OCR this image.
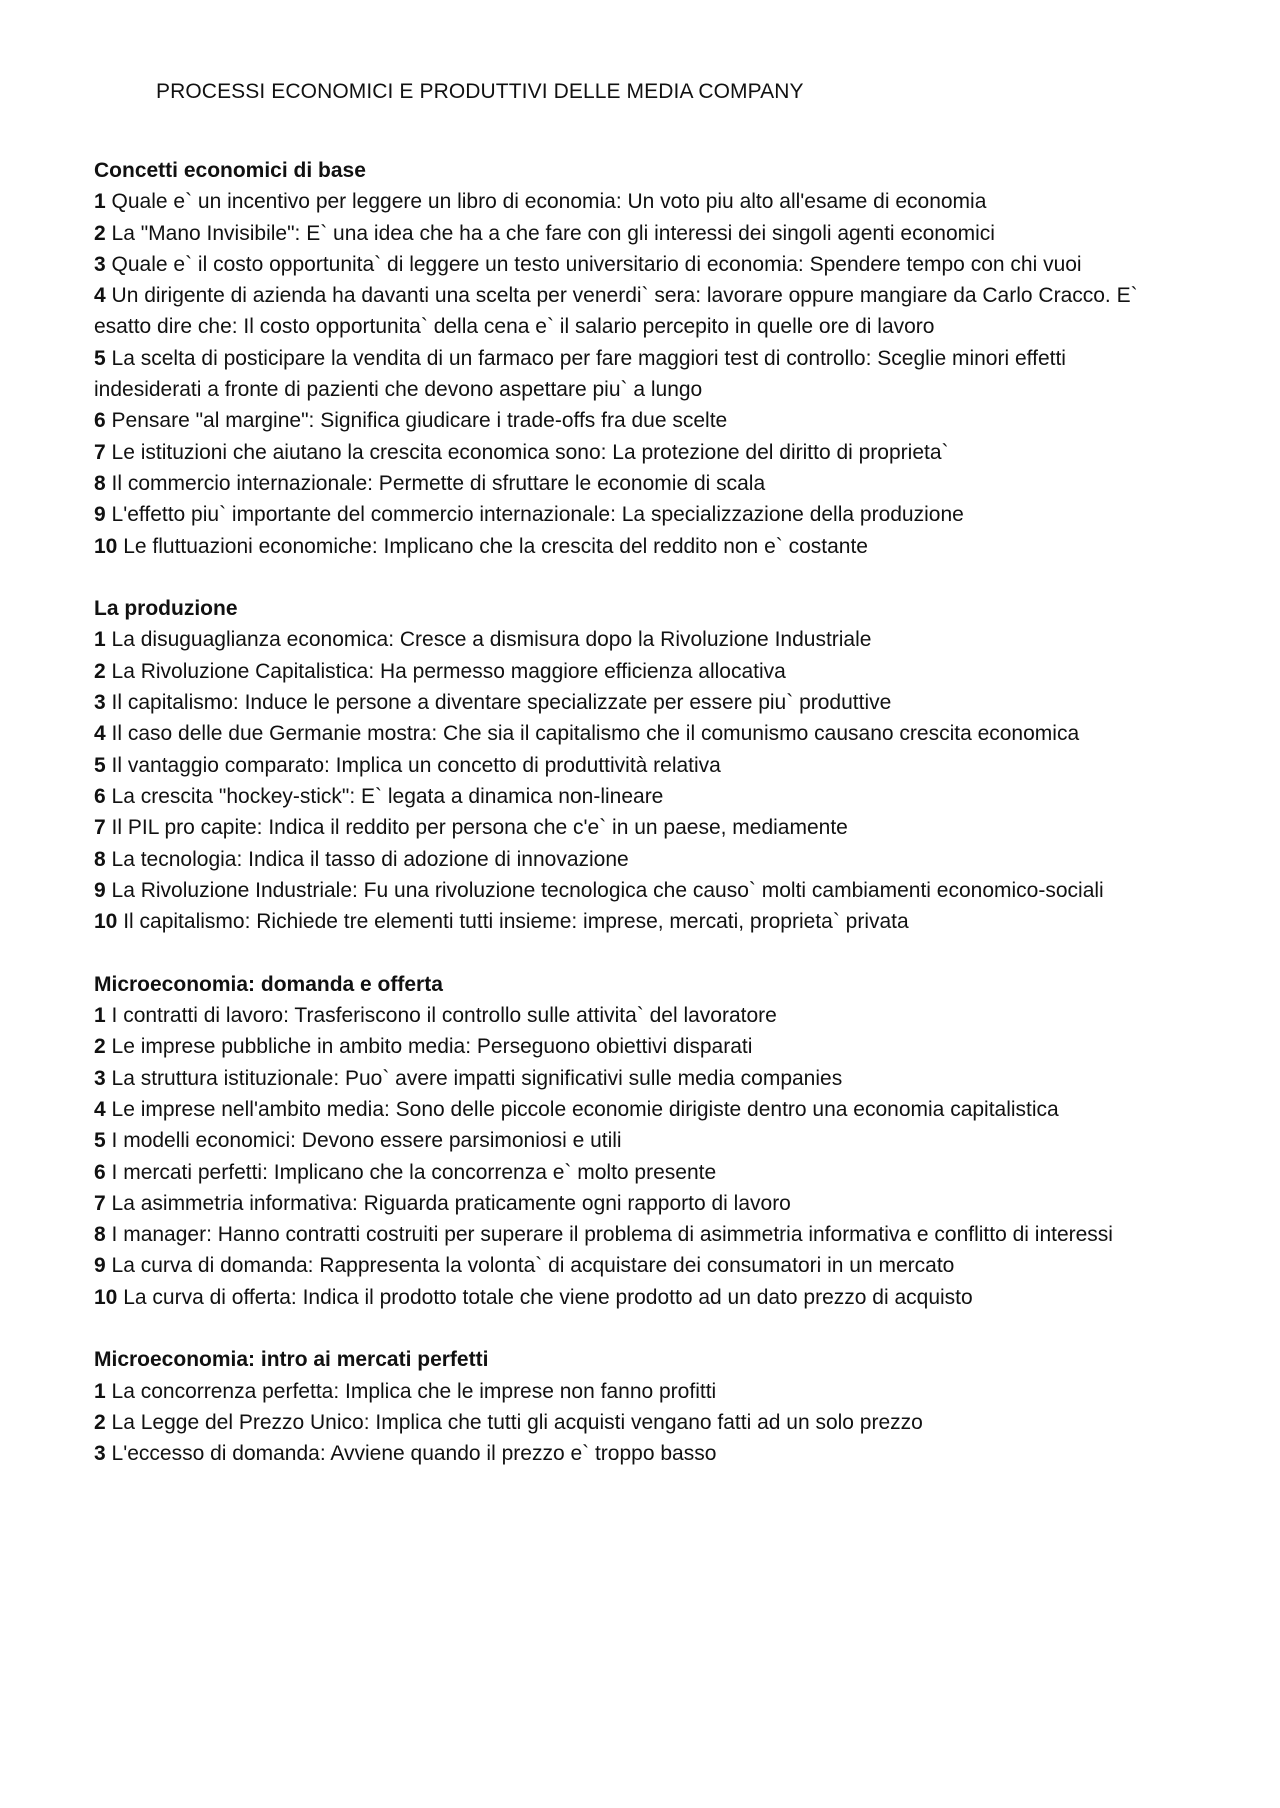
PROCESSI ECONOMICI E PRODUTTIVI DELLE MEDIA COMPANY
Concetti economici di base
1 Quale e` un incentivo per leggere un libro di economia: Un voto piu alto all'esame di economia
2 La "Mano Invisibile": E` una idea che ha a che fare con gli interessi dei singoli agenti economici
3 Quale e` il costo opportunita` di leggere un testo universitario di economia: Spendere tempo con chi vuoi
4 Un dirigente di azienda ha davanti una scelta per venerdi` sera: lavorare oppure mangiare da Carlo Cracco. E` esatto dire che: Il costo opportunita` della cena e` il salario percepito in quelle ore di lavoro
5 La scelta di posticipare la vendita di un farmaco per fare maggiori test di controllo: Sceglie minori effetti indesiderati a fronte di pazienti che devono aspettare piu` a lungo
6 Pensare "al margine": Significa giudicare i trade-offs fra due scelte
7 Le istituzioni che aiutano la crescita economica sono: La protezione del diritto di proprieta`
8 Il commercio internazionale: Permette di sfruttare le economie di scala
9 L'effetto piu` importante del commercio internazionale: La specializzazione della produzione
10 Le fluttuazioni economiche: Implicano che la crescita del reddito non e` costante
La produzione
1 La disuguaglianza economica: Cresce a dismisura dopo la Rivoluzione Industriale
2 La Rivoluzione Capitalistica: Ha permesso maggiore efficienza allocativa
3 Il capitalismo: Induce le persone a diventare specializzate per essere piu` produttive
4 Il caso delle due Germanie mostra: Che sia il capitalismo che il comunismo causano crescita economica
5 Il vantaggio comparato: Implica un concetto di produttività relativa
6 La crescita "hockey-stick": E` legata a dinamica non-lineare
7 Il PIL pro capite: Indica il reddito per persona che c'e` in un paese, mediamente
8 La tecnologia: Indica il tasso di adozione di innovazione
9 La Rivoluzione Industriale: Fu una rivoluzione tecnologica che causo` molti cambiamenti economico-sociali
10 Il capitalismo: Richiede tre elementi tutti insieme: imprese, mercati, proprieta` privata
Microeconomia: domanda e offerta
1 I contratti di lavoro: Trasferiscono il controllo sulle attivita` del lavoratore
2 Le imprese pubbliche in ambito media: Perseguono obiettivi disparati
3 La struttura istituzionale: Puo` avere impatti significativi sulle media companies
4 Le imprese nell'ambito media: Sono delle piccole economie dirigiste dentro una economia capitalistica
5 I modelli economici: Devono essere parsimoniosi e utili
6 I mercati perfetti: Implicano che la concorrenza e` molto presente
7 La asimmetria informativa: Riguarda praticamente ogni rapporto di lavoro
8 I manager: Hanno contratti costruiti per superare il problema di asimmetria informativa e conflitto di interessi
9 La curva di domanda: Rappresenta la volonta` di acquistare dei consumatori in un mercato
10 La curva di offerta: Indica il prodotto totale che viene prodotto ad un dato prezzo di acquisto
Microeconomia: intro ai mercati perfetti
1 La concorrenza perfetta: Implica che le imprese non fanno profitti
2 La Legge del Prezzo Unico: Implica che tutti gli acquisti vengano fatti ad un solo prezzo
3 L'eccesso di domanda: Avviene quando il prezzo e` troppo basso
